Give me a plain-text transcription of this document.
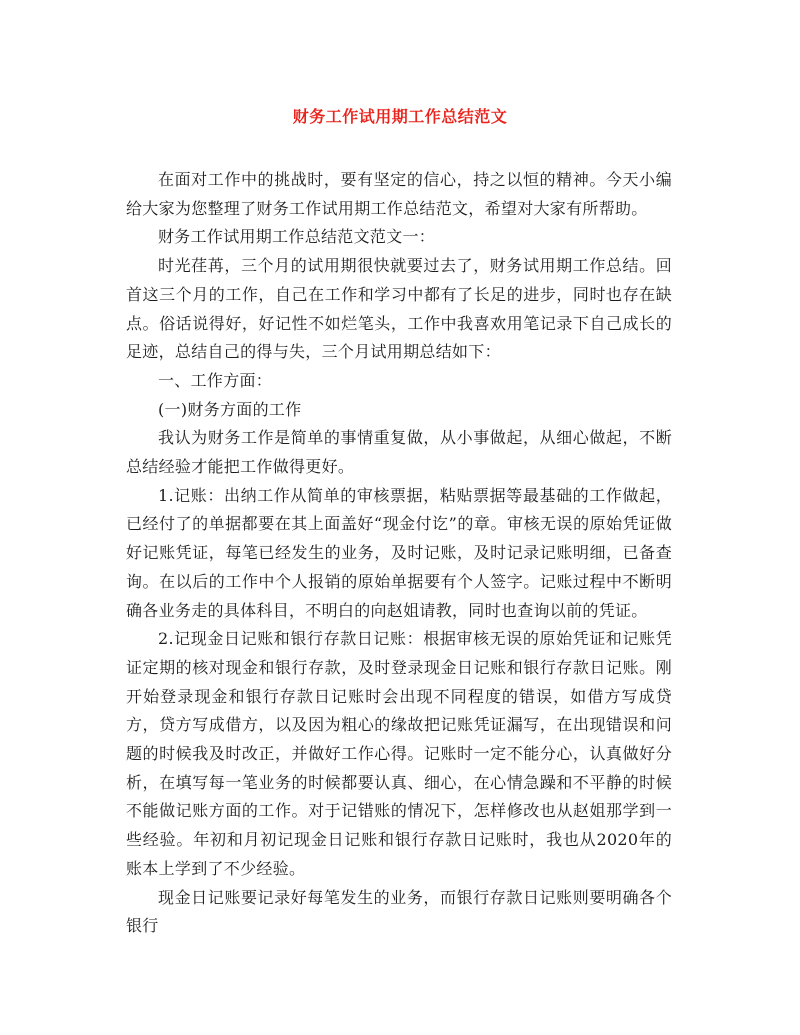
财务工作试用期工作总结范文

在面对工作中的挑战时，要有坚定的信心，持之以恒的精神。今天小编给大家为您整理了财务工作试用期工作总结范文，希望对大家有所帮助。

财务工作试用期工作总结范文范文一：

时光荏苒，三个月的试用期很快就要过去了，财务试用期工作总结。回首这三个月的工作，自己在工作和学习中都有了长足的进步，同时也存在缺点。俗话说得好，好记性不如烂笔头，工作中我喜欢用笔记录下自己成长的足迹，总结自己的得与失，三个月试用期总结如下：

一、工作方面：

(一)财务方面的工作

我认为财务工作是简单的事情重复做，从小事做起，从细心做起，不断总结经验才能把工作做得更好。

1.记账：出纳工作从简单的审核票据，粘贴票据等最基础的工作做起，已经付了的单据都要在其上面盖好“现金付讫”的章。审核无误的原始凭证做好记账凭证，每笔已经发生的业务，及时记账，及时记录记账明细，已备查询。在以后的工作中个人报销的原始单据要有个人签字。记账过程中不断明确各业务走的具体科目，不明白的向赵姐请教，同时也查询以前的凭证。

2.记现金日记账和银行存款日记账：根据审核无误的原始凭证和记账凭证定期的核对现金和银行存款，及时登录现金日记账和银行存款日记账。刚开始登录现金和银行存款日记账时会出现不同程度的错误，如借方写成贷方，贷方写成借方，以及因为粗心的缘故把记账凭证漏写，在出现错误和问题的时候我及时改正，并做好工作心得。记账时一定不能分心，认真做好分析，在填写每一笔业务的时候都要认真、细心，在心情急躁和不平静的时候不能做记账方面的工作。对于记错账的情况下，怎样修改也从赵姐那学到一些经验。年初和月初记现金日记账和银行存款日记账时，我也从2020年的账本上学到了不少经验。

现金日记账要记录好每笔发生的业务，而银行存款日记账则要明确各个银行
